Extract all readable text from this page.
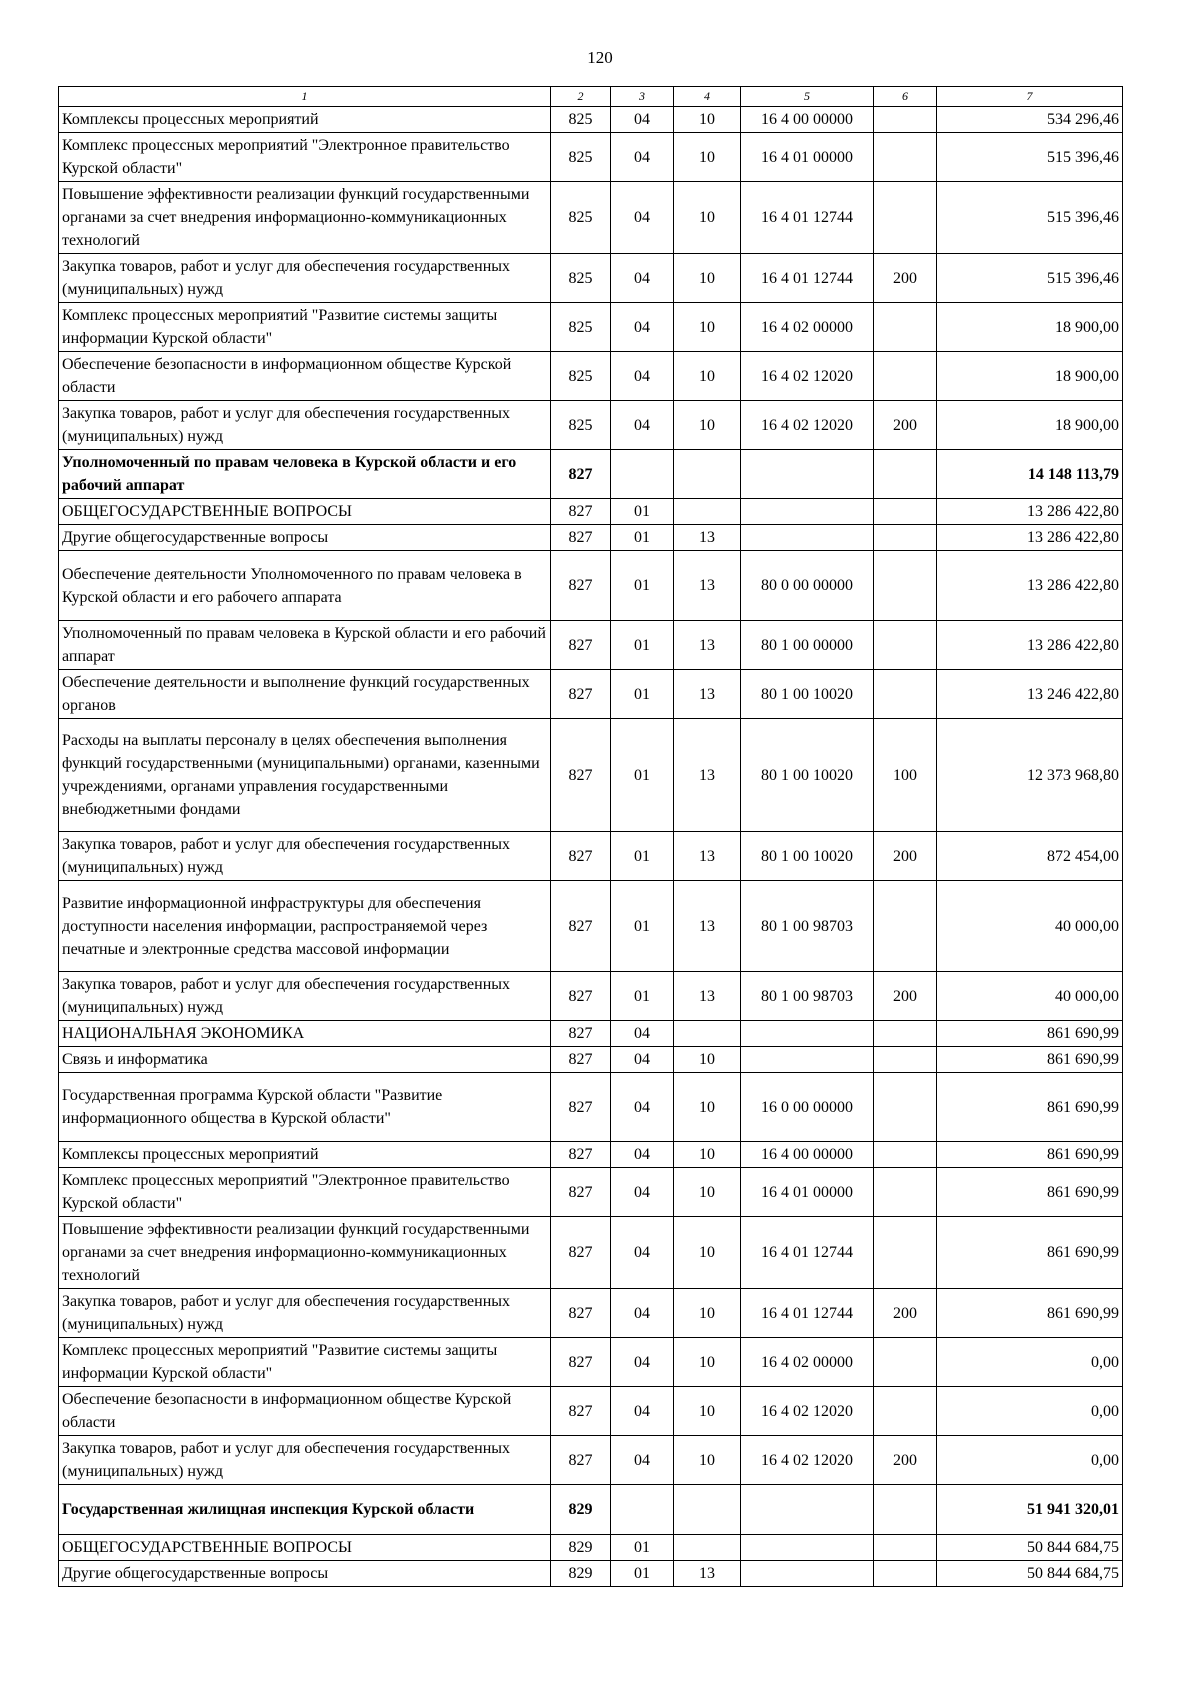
120
1	2	3	4	5	6	7
Комплексы процессных мероприятий	825	04	10	16 4 00 00000		534 296,46
Комплекс процессных мероприятий "Электронное правительство Курской области"	825	04	10	16 4 01 00000		515 396,46
Повышение эффективности реализации функций государственными органами за счет внедрения информационно-коммуникационных технологий	825	04	10	16 4 01 12744		515 396,46
Закупка товаров, работ и услуг для обеспечения государственных (муниципальных) нужд	825	04	10	16 4 01 12744	200	515 396,46
Комплекс процессных мероприятий "Развитие системы защиты информации Курской области"	825	04	10	16 4 02 00000		18 900,00
Обеспечение безопасности в информационном обществе Курской области	825	04	10	16 4 02 12020		18 900,00
Закупка товаров, работ и услуг для обеспечения государственных (муниципальных) нужд	825	04	10	16 4 02 12020	200	18 900,00
Уполномоченный по правам человека в Курской области и его рабочий аппарат	827					14 148 113,79
ОБЩЕГОСУДАРСТВЕННЫЕ ВОПРОСЫ	827	01				13 286 422,80
Другие общегосударственные вопросы	827	01	13			13 286 422,80
Обеспечение деятельности Уполномоченного по правам человека в Курской области и его рабочего аппарата	827	01	13	80 0 00 00000		13 286 422,80
Уполномоченный по правам человека в Курской области и его рабочий аппарат	827	01	13	80 1 00 00000		13 286 422,80
Обеспечение деятельности и выполнение функций государственных органов	827	01	13	80 1 00 10020		13 246 422,80
Расходы на выплаты персоналу в целях обеспечения выполнения функций государственными (муниципальными) органами, казенными учреждениями, органами управления государственными внебюджетными фондами	827	01	13	80 1 00 10020	100	12 373 968,80
Закупка товаров, работ и услуг для обеспечения государственных (муниципальных) нужд	827	01	13	80 1 00 10020	200	872 454,00
Развитие информационной инфраструктуры для обеспечения доступности населения информации, распространяемой через печатные и электронные средства массовой информации	827	01	13	80 1 00 98703		40 000,00
Закупка товаров, работ и услуг для обеспечения государственных (муниципальных) нужд	827	01	13	80 1 00 98703	200	40 000,00
НАЦИОНАЛЬНАЯ ЭКОНОМИКА	827	04				861 690,99
Связь и информатика	827	04	10			861 690,99
Государственная программа Курской области "Развитие информационного общества в Курской области"	827	04	10	16 0 00 00000		861 690,99
Комплексы процессных мероприятий	827	04	10	16 4 00 00000		861 690,99
Комплекс процессных мероприятий "Электронное правительство Курской области"	827	04	10	16 4 01 00000		861 690,99
Повышение эффективности реализации функций государственными органами за счет внедрения информационно-коммуникационных технологий	827	04	10	16 4 01 12744		861 690,99
Закупка товаров, работ и услуг для обеспечения государственных (муниципальных) нужд	827	04	10	16 4 01 12744	200	861 690,99
Комплекс процессных мероприятий "Развитие системы защиты информации Курской области"	827	04	10	16 4 02 00000		0,00
Обеспечение безопасности в информационном обществе Курской области	827	04	10	16 4 02 12020		0,00
Закупка товаров, работ и услуг для обеспечения государственных (муниципальных) нужд	827	04	10	16 4 02 12020	200	0,00
Государственная жилищная инспекция Курской области	829					51 941 320,01
ОБЩЕГОСУДАРСТВЕННЫЕ ВОПРОСЫ	829	01				50 844 684,75
Другие общегосударственные вопросы	829	01	13			50 844 684,75
